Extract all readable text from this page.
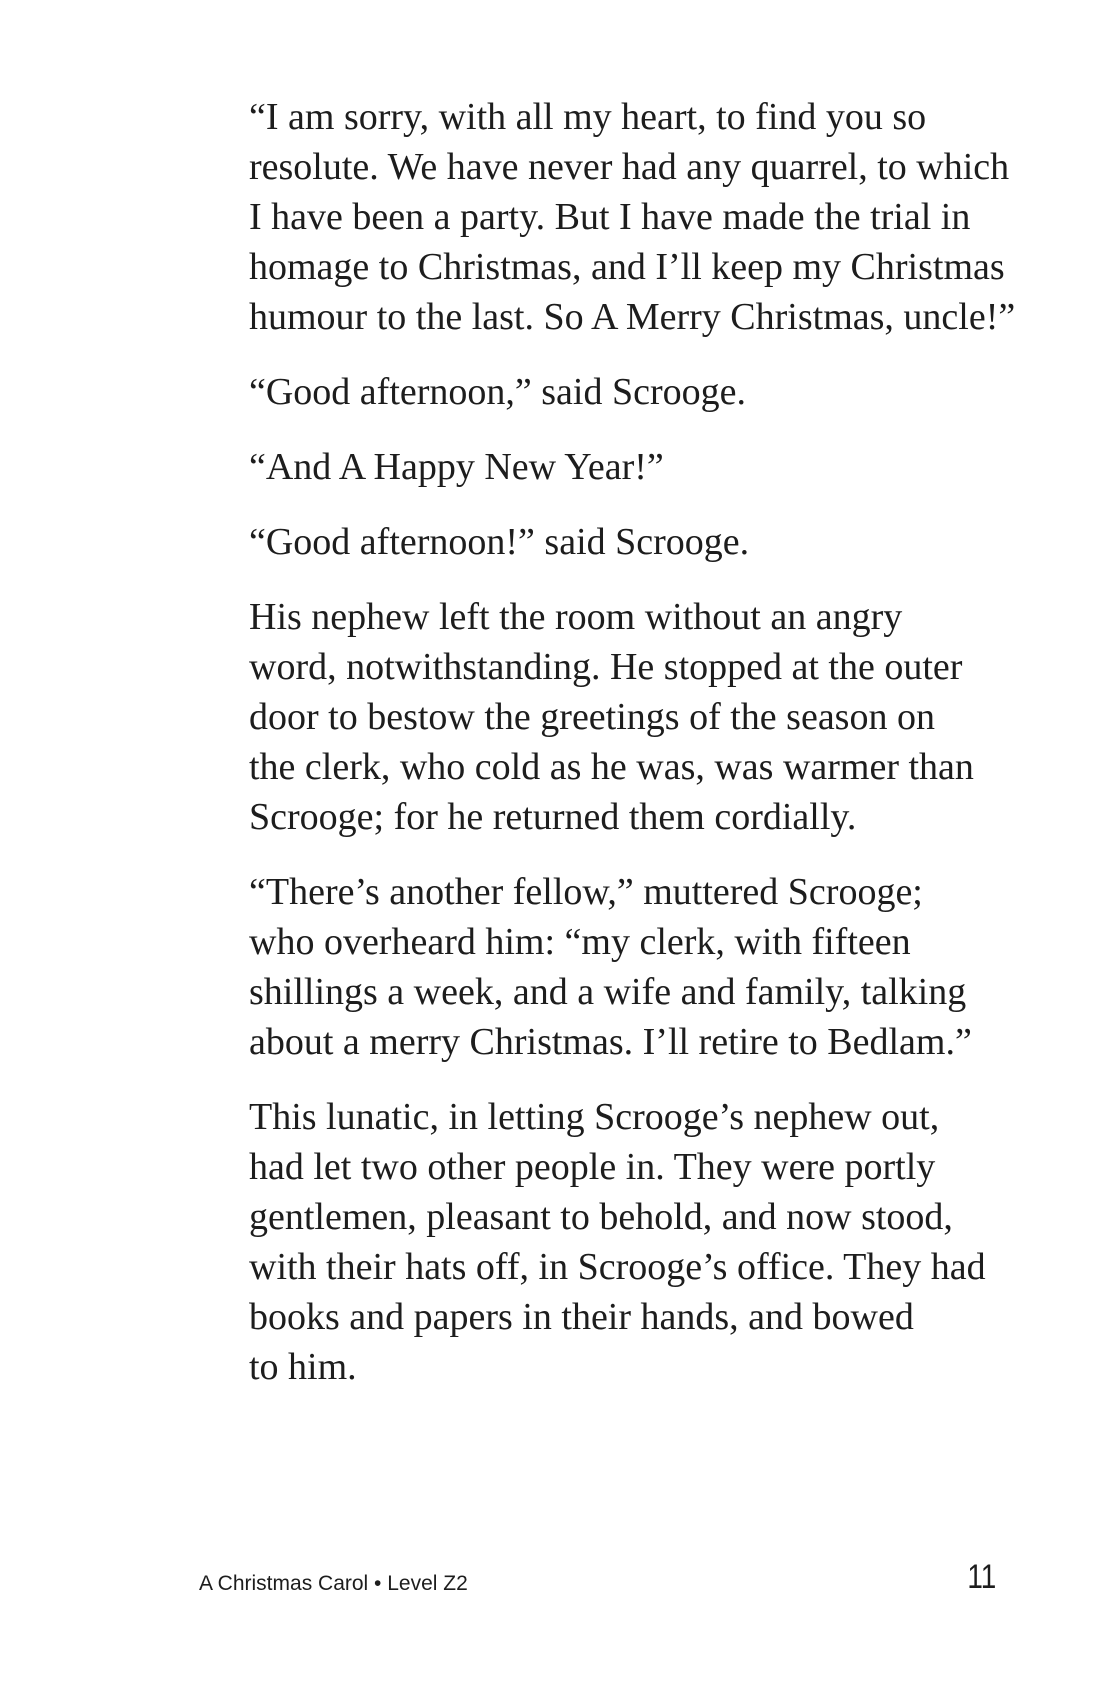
“I am sorry, with all my heart, to find you so
resolute. We have never had any quarrel, to which
I have been a party. But I have made the trial in
homage to Christmas, and I’ll keep my Christmas
humour to the last. So A Merry Christmas, uncle!”

“Good afternoon,” said Scrooge.

“And A Happy New Year!”

“Good afternoon!” said Scrooge.

His nephew left the room without an angry
word, notwithstanding. He stopped at the outer
door to bestow the greetings of the season on
the clerk, who cold as he was, was warmer than
Scrooge; for he returned them cordially.

“There’s another fellow,” muttered Scrooge;
who overheard him: “my clerk, with fifteen
shillings a week, and a wife and family, talking
about a merry Christmas. I’ll retire to Bedlam.”

This lunatic, in letting Scrooge’s nephew out,
had let two other people in. They were portly
gentlemen, pleasant to behold, and now stood,
with their hats off, in Scrooge’s office. They had
books and papers in their hands, and bowed
to him.

A Christmas Carol • Level Z2	11
